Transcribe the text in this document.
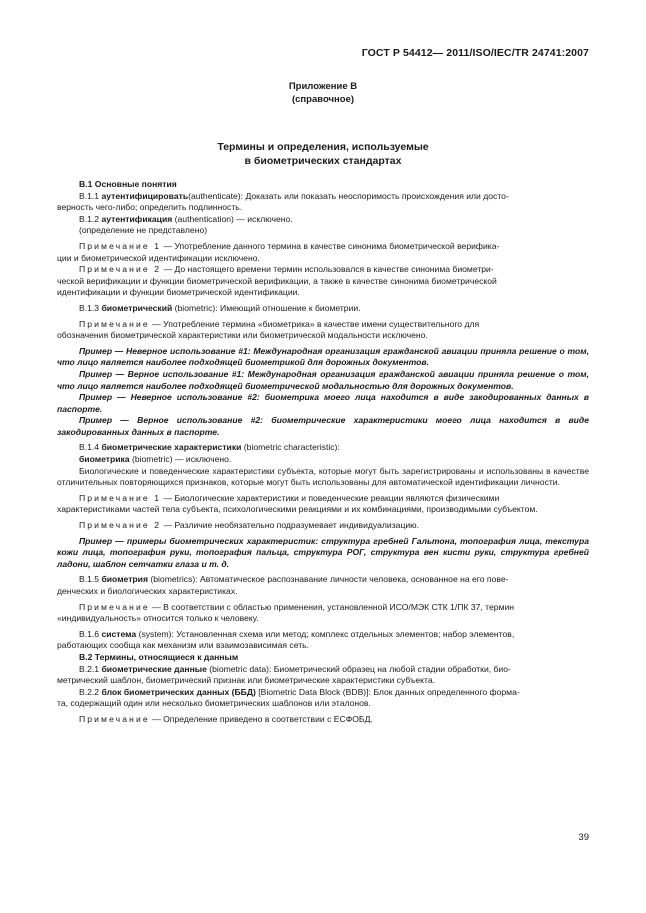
ГОСТ Р 54412— 2011/ISO/IEC/TR 24741:2007
Приложение В
(справочное)
Термины и определения, используемые
в биометрических стандартах

В.1 Основные понятия

В.1.1 аутентифицировать(authenticate): Доказать или показать неоспоримость происхождения или досто-

верность чего-либо; определить подлинность.

В.1.2 аутентификация (authentication) — исключено.

(определение не представлено)

Примечание 1 — Употребление данного термина в качестве синонима биометрической верифика-

ции и биометрической идентификации исключено.

Примечание 2 — До настоящего времени термин использовался в качестве синонима биометри-

ческой верификации и функции биометрической верификации, а также в качестве синонима биометрической

идентификации и функции биометрической идентификации.

В.1.3 биометрический (biometric): Имеющий отношение к биометрии.

Примечание — Употребление термина «биометрика» в качестве имени существительного для

обозначения биометрической характеристики или биометрической модальности исключено.

Пример — Неверное использование #1: Международная организация гражданской авиации приняла решение о том, что лицо является наиболее подходящей биометрикой для дорожных документов.

Пример — Верное использование #1: Международная организация гражданской авиации приняла решение о том, что лицо является наиболее подходящей биометрической модальностью для дорожных документов.

Пример — Неверное использование #2: биометрика моего лица находится в виде закодированных данных в паспорте.

Пример — Верное использование #2: биометрические характеристики моего лица находится в виде закодированных данных в паспорте.

В.1.4 биометрические характеристики (biometric characteristic):

биометрика (biometric) — исключено.

Биологические и поведенческие характеристики субъекта, которые могут быть зарегистрированы и использованы в качестве отличительных повторяющихся признаков, которые могут быть использованы для автоматической идентификации личности.

Примечание 1 — Биологические характеристики и поведенческие реакции являются физическими

характеристиками частей тела субъекта, психологическими реакциями и их комбинациями, производимыми субъектом.

Примечание 2 — Различие необязательно подразумевает индивидуализацию.

Пример — примеры биометрических характеристик: структура гребней Гальтона, топография лица, текстура кожи лица, топография руки, топография пальца, структура РОГ, структура вен кисти руки, структура гребней ладони, шаблон сетчатки глаза и т. д.

В.1.5 биометрия (biometrics): Автоматическое распознавание личности человека, основанное на его пове-

денческих и биологических характеристиках.

Примечание — В соответствии с областью применения, установленной ИСО/МЭК СТК 1/ПК 37, термин

«индивидуальность» относится только к человеку.

В.1.6 система (system): Установленная схема или метод; комплекс отдельных элементов; набор элементов,

работающих сообща как механизм или взаимозависимая сеть.

В.2 Термины, относящиеся к данным

В.2.1 биометрические данные (biometric data): Биометрический образец на любой стадии обработки, био-

метрический шаблон, биометрический признак или биометрические характеристики субъекта.

В.2.2 блок биометрических данных (ББД) [Biometric Data Block (BDB)]: Блок данных определенного форма-

та, содержащий один или несколько биометрических шаблонов или эталонов.

Примечание — Определение приведено в соответствии с ЕСФОБД.

39
